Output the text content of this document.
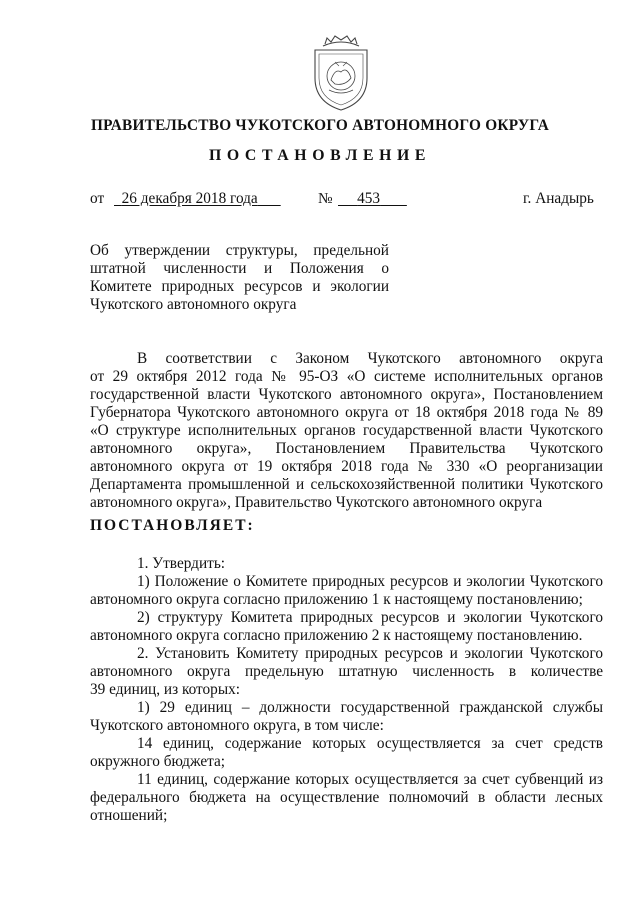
ПРАВИТЕЛЬСТВО ЧУКОТСКОГО АВТОНОМНОГО ОКРУГА
ПОСТАНОВЛЕНИЕ
от	26 декабря 2018 года	№	453	г. Анадырь
Об утверждении структуры, предельной
штатной численности и Положения о
Комитете природных ресурсов и экологии
Чукотского автономного округа
В соответствии с Законом Чукотского автономного округа
от 29 октября 2012 года № 95-ОЗ «О системе исполнительных органов
государственной власти Чукотского автономного округа», Постановлением
Губернатора Чукотского автономного округа от 18 октября 2018 года № 89
«О структуре исполнительных органов государственной власти Чукотского
автономного округа», Постановлением Правительства Чукотского
автономного округа от 19 октября 2018 года № 330 «О реорганизации
Департамента промышленной и сельскохозяйственной политики Чукотского
автономного округа», Правительство Чукотского автономного округа
ПОСТАНОВЛЯЕТ:
1. Утвердить:
1) Положение о Комитете природных ресурсов и экологии Чукотского
автономного округа согласно приложению 1 к настоящему постановлению;
2) структуру Комитета природных ресурсов и экологии Чукотского
автономного округа согласно приложению 2 к настоящему постановлению.
2. Установить Комитету природных ресурсов и экологии Чукотского
автономного округа предельную штатную численность в количестве
39 единиц, из которых:
1) 29 единиц – должности государственной гражданской службы
Чукотского автономного округа, в том числе:
14 единиц, содержание которых осуществляется за счет средств
окружного бюджета;
11 единиц, содержание которых осуществляется за счет субвенций из
федерального бюджета на осуществление полномочий в области лесных
отношений;
